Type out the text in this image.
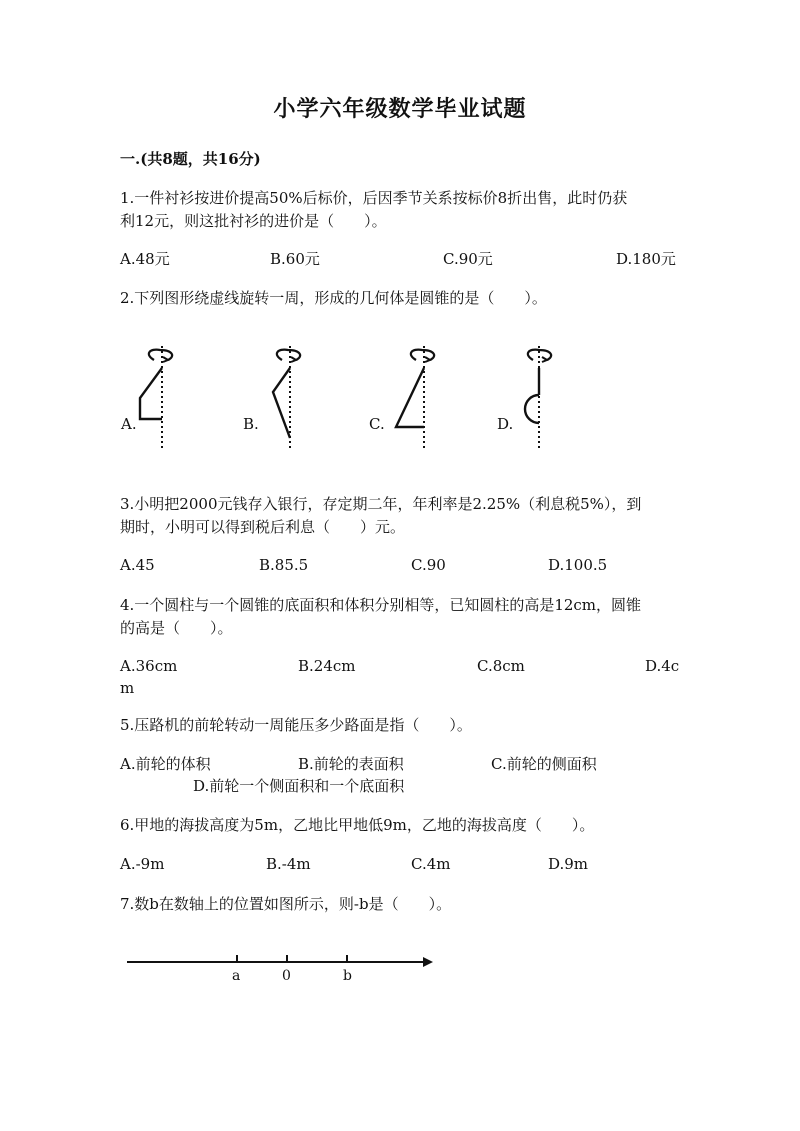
小学六年级数学毕业试题
一.(共8题，共16分)
1.一件衬衫按进价提高50%后标价，后因季节关系按标价8折出售，此时仍获
利12元，则这批衬衫的进价是（　　）。
A.48元	B.60元	C.90元	D.180元
2.下列图形绕虚线旋转一周，形成的几何体是圆锥的是（　　）。
A.	B.	C.	D.
3.小明把2000元钱存入银行，存定期二年，年利率是2.25%（利息税5%），到
期时，小明可以得到税后利息（　　）元。
A.45	B.85.5	C.90	D.100.5
4.一个圆柱与一个圆锥的底面积和体积分别相等，已知圆柱的高是12cm，圆锥
的高是（　　）。
A.36cm	B.24cm	C.8cm	D.4c
m
5.压路机的前轮转动一周能压多少路面是指（　　）。
A.前轮的体积	B.前轮的表面积	C.前轮的侧面积
D.前轮一个侧面积和一个底面积
6.甲地的海拔高度为5m，乙地比甲地低9m，乙地的海拔高度（　　）。
A.-9m	B.-4m	C.4m	D.9m
7.数b在数轴上的位置如图所示，则-b是（　　）。
a	0	b
